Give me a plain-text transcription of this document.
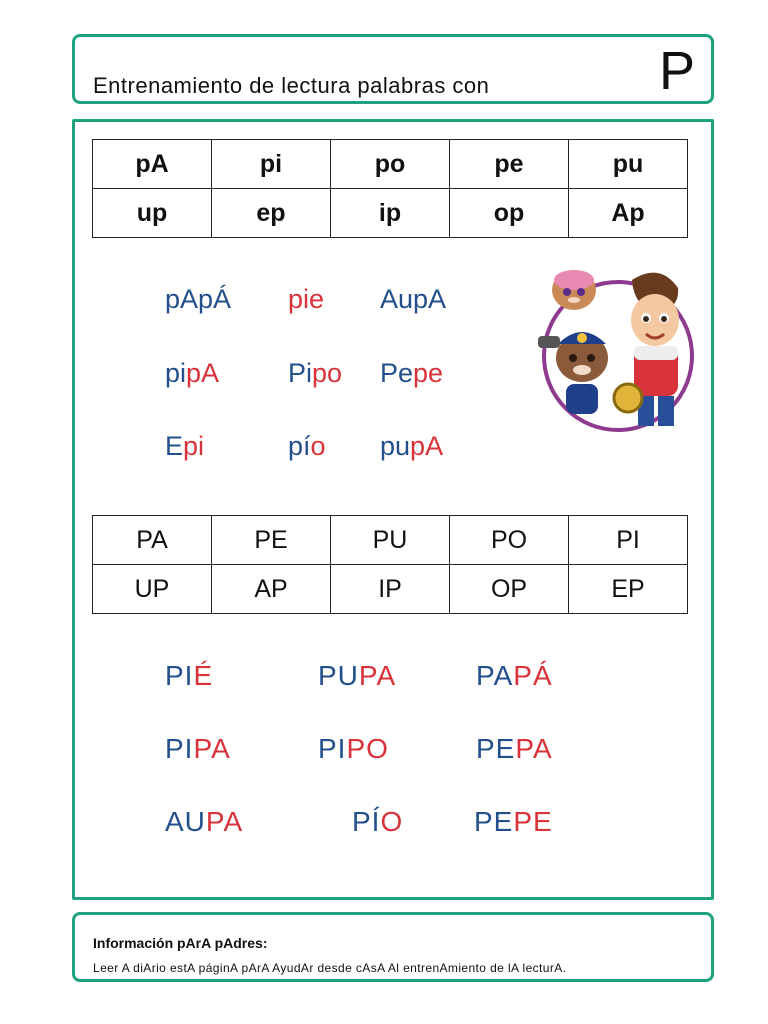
Entrenamiento de lectura palabras con	P
pA	pi	po	pe	pu
up	ep	ip	op	Ap
pApÁ pie AupA
pipA	Pipo Pepe
Epi	pío pupA
PA	PE	PU	PO	PI
UP	AP	IP	OP	EP
PIÉ	PUPA	PAPÁ
PIPA	PIPO	PEPA
AUPA	PÍO	PEPE
Información pArA pAdres:
Leer A diArio estA páginA pArA AyudAr desde cAsA Al entrenAmiento de lA lecturA.
